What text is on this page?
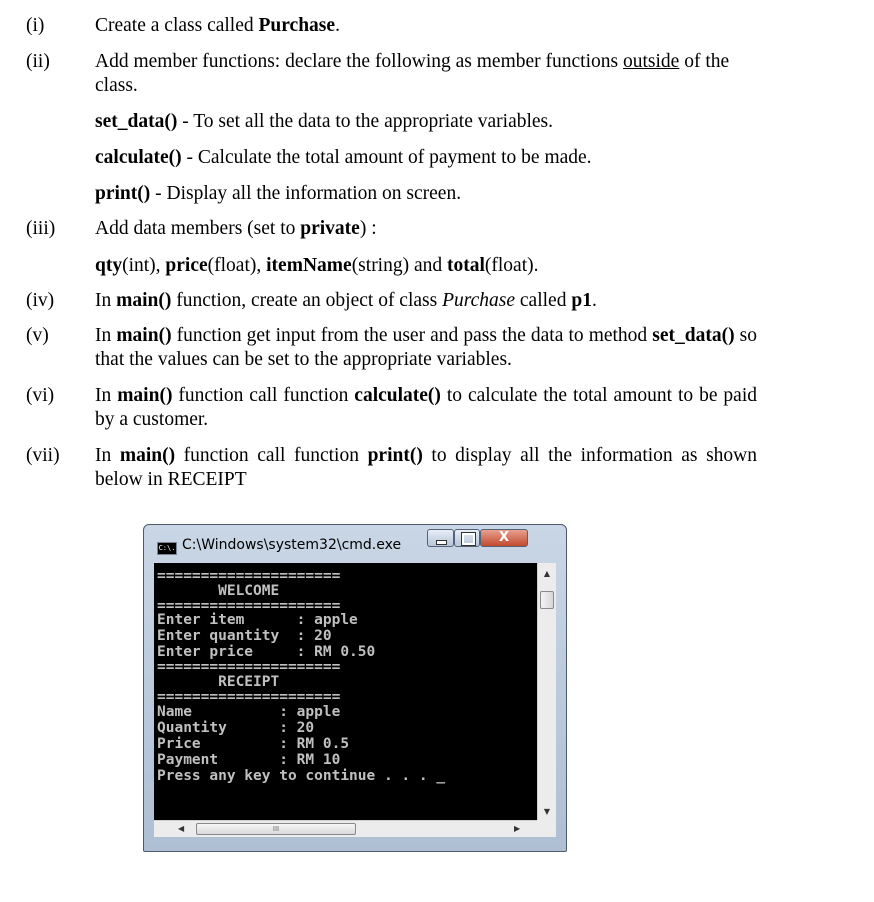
(i)	Create a class called Purchase.
(ii) Add member functions: declare the following as member functions outside of the class.
set_data() - To set all the data to the appropriate variables.
calculate() - Calculate the total amount of payment to be made.
print() - Display all the information on screen.
(iii) Add data members (set to private) :
qty(int), price(float), itemName(string) and total(float).
(iv) In main() function, create an object of class Purchase called p1.
(v) In main() function get input from the user and pass the data to method set_data() so that the values can be set to the appropriate variables.
(vi) In main() function call function calculate() to calculate the total amount to be paid by a customer.
(vii) In main() function call function print() to display all the information as shown below in RECEIPT
C:\. C:\Windows\system32\cmd.exe
X
=====================
WELCOME
=====================
Enter item      : apple
Enter quantity  : 20
Enter price     : RM 0.50
=====================
RECEIPT
=====================
Name          : apple
Quantity      : 20
Price         : RM 0.5
Payment       : RM 10
Press any key to continue . . . _
▲
▼
◀	III	▶
